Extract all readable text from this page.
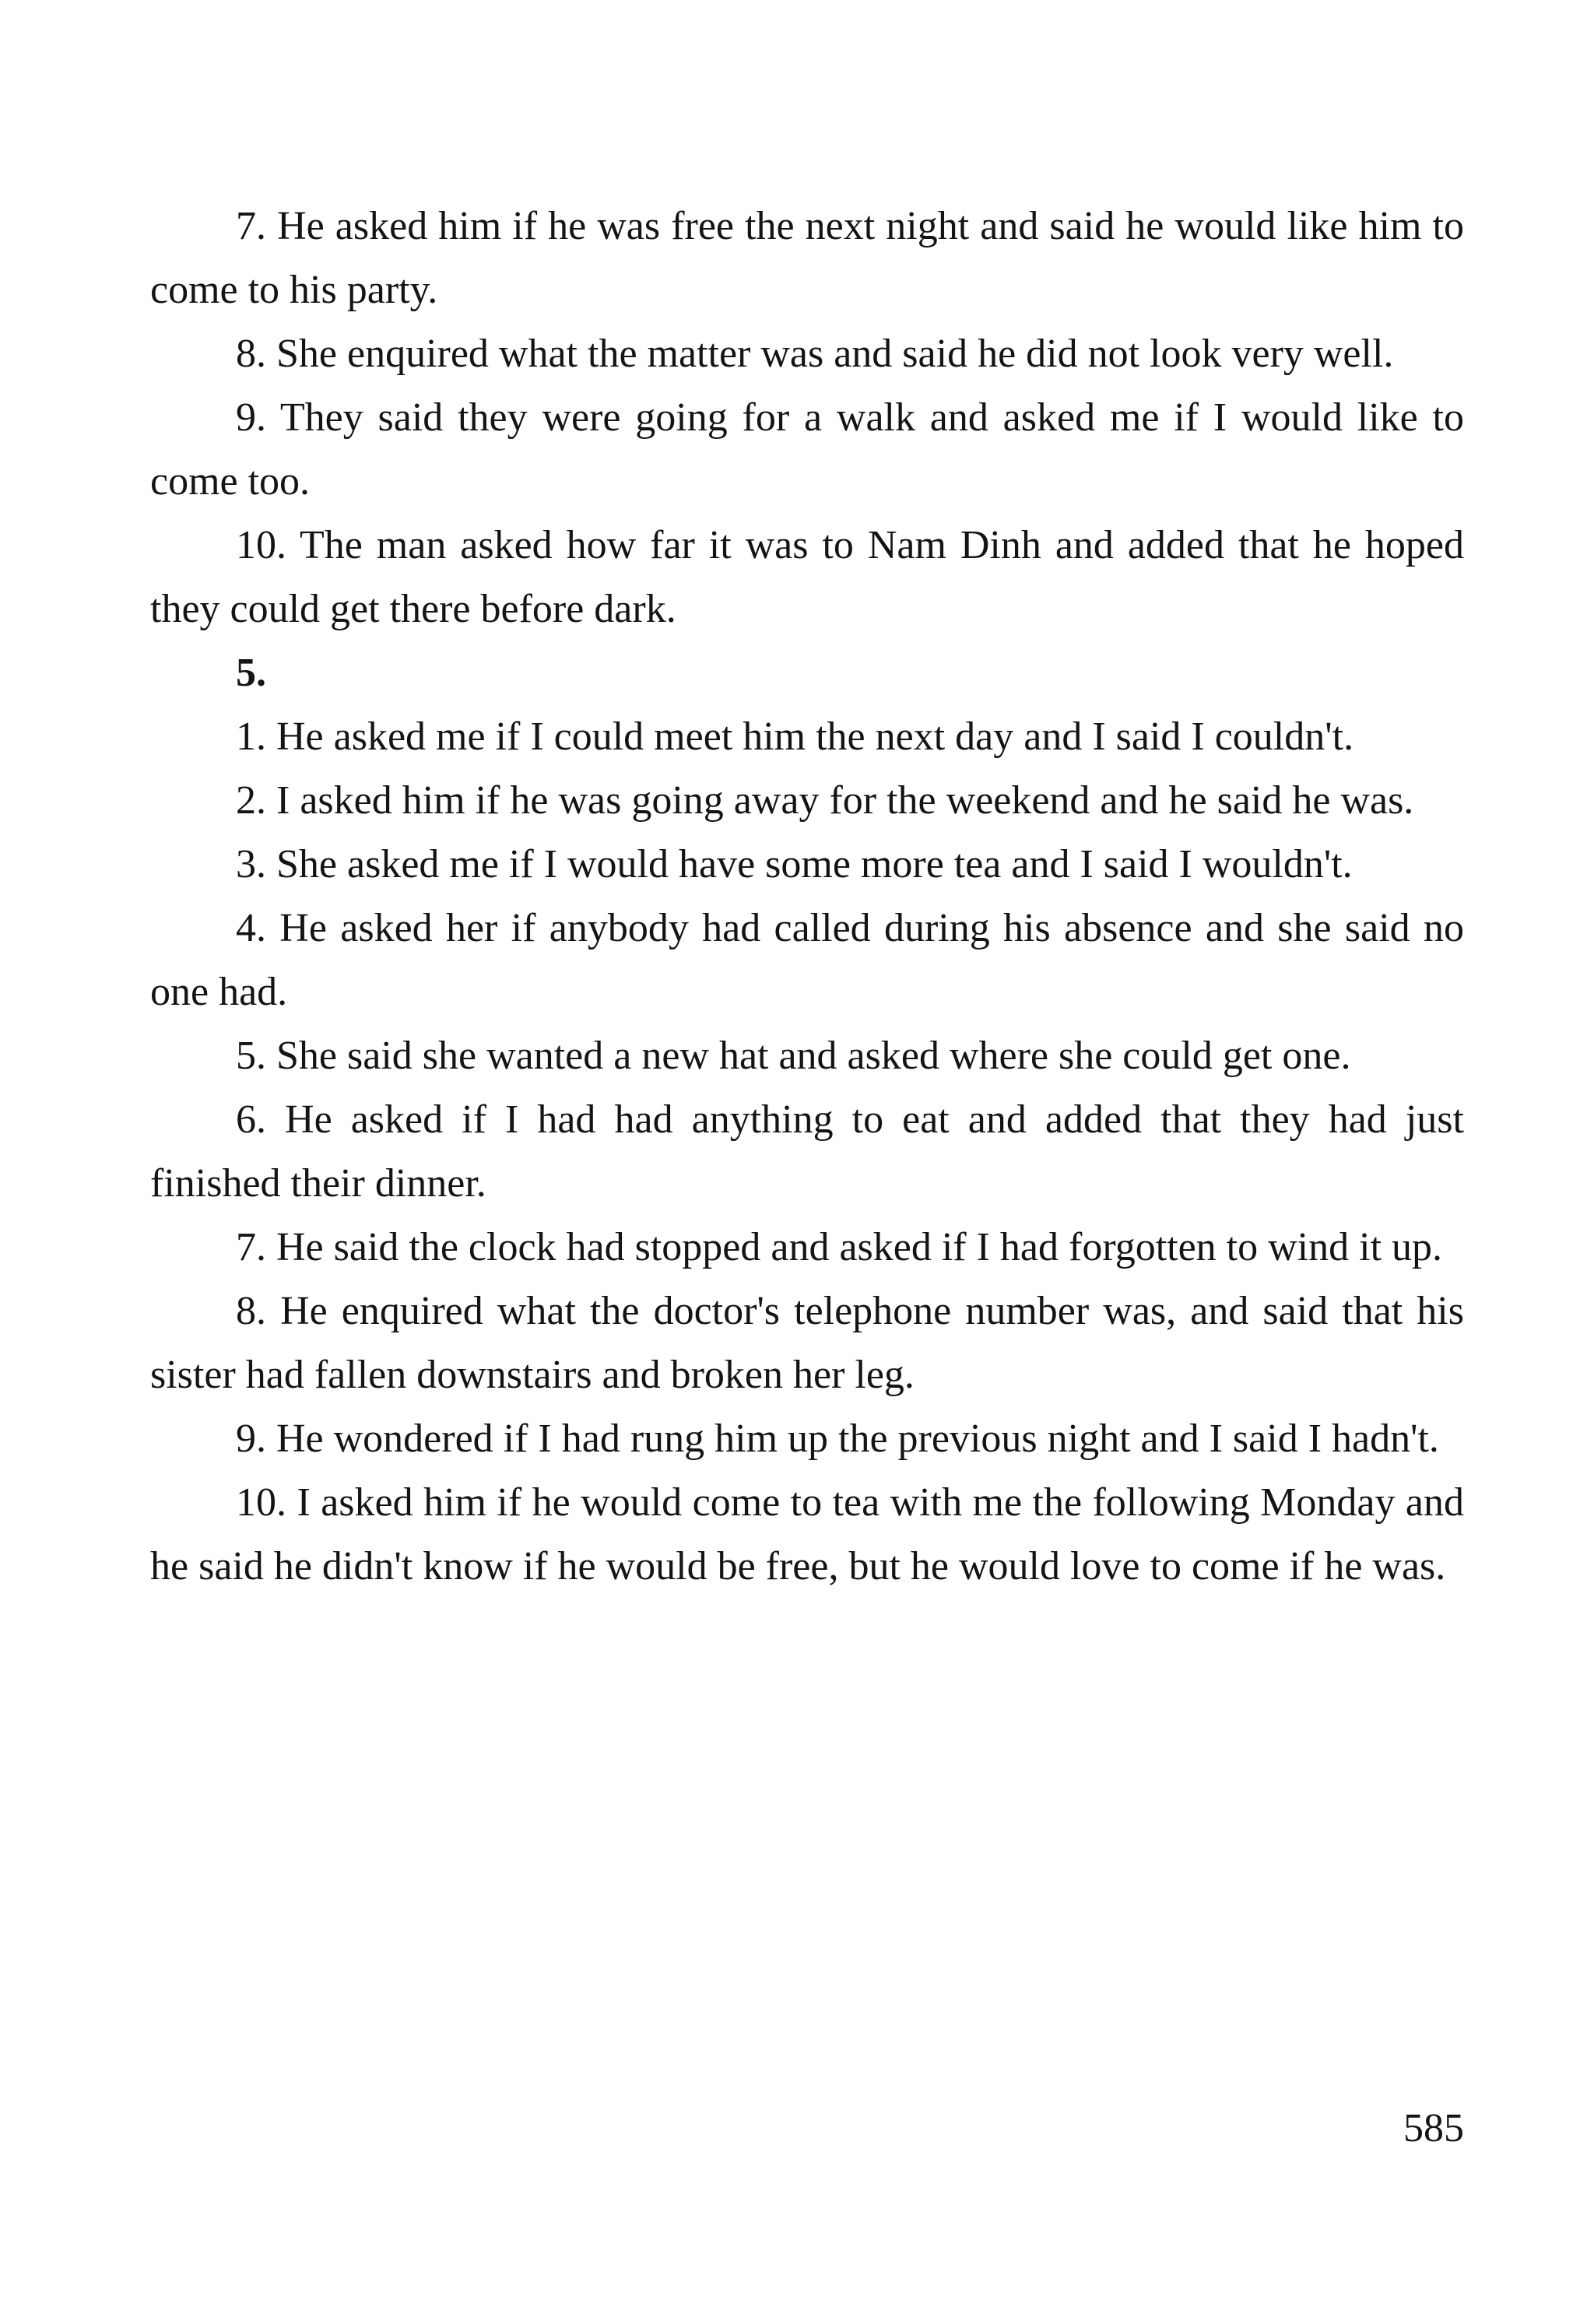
7. He asked him if he was free the next night and said he would like him to come to his party.

8. She enquired what the matter was and said he did not look very well.

9. They said they were going for a walk and asked me if I would like to come too.

10. The man asked how far it was to Nam Dinh and added that he hoped they could get there before dark.

5.

1. He asked me if I could meet him the next day and I said I couldn't.

2. I asked him if he was going away for the weekend and he said he was.

3. She asked me if I would have some more tea and I said I wouldn't.

4. He asked her if anybody had called during his absence and she said no one had.

5. She said she wanted a new hat and asked where she could get one.

6. He asked if I had had anything to eat and added that they had just finished their dinner.

7. He said the clock had stopped and asked if I had forgotten to wind it up.

8. He enquired what the doctor's telephone number was, and said that his sister had fallen downstairs and broken her leg.

9. He wondered if I had rung him up the previous night and I said I hadn't.

10. I asked him if he would come to tea with me the following Monday and he said he didn't know if he would be free, but he would love to come if he was.

585
